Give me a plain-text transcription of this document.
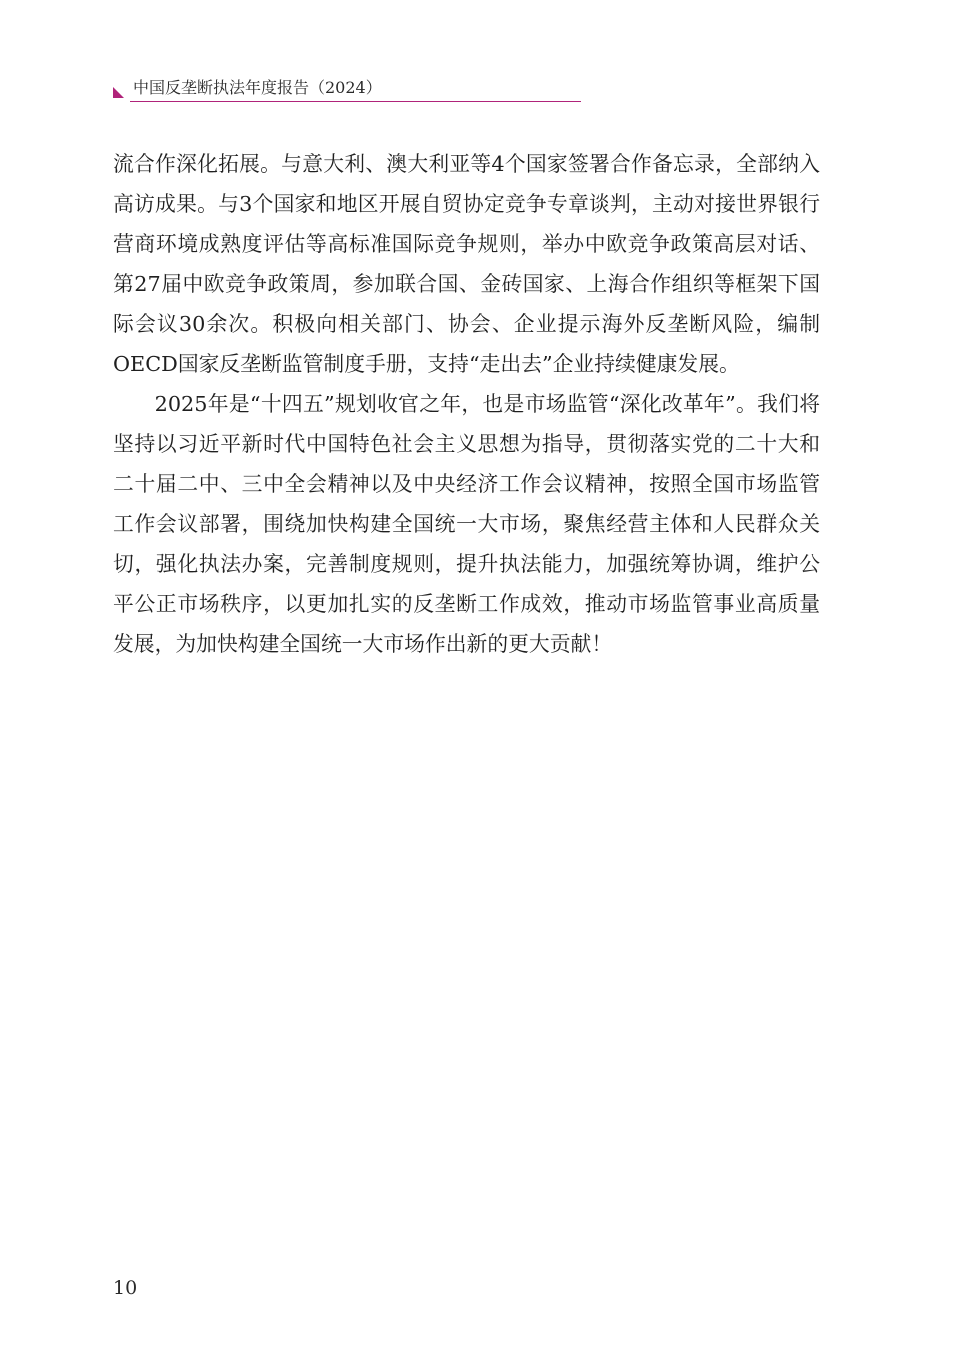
中国反垄断执法年度报告（2024）

流合作深化拓展。与意大利、澳大利亚等4个国家签署合作备忘录，全部纳入高访成果。与3个国家和地区开展自贸协定竞争专章谈判，主动对接世界银行营商环境成熟度评估等高标准国际竞争规则，举办中欧竞争政策高层对话、第27届中欧竞争政策周，参加联合国、金砖国家、上海合作组织等框架下国际会议30余次。积极向相关部门、协会、企业提示海外反垄断风险，编制OECD国家反垄断监管制度手册，支持“走出去”企业持续健康发展。

2025年是“十四五”规划收官之年，也是市场监管“深化改革年”。我们将坚持以习近平新时代中国特色社会主义思想为指导，贯彻落实党的二十大和二十届二中、三中全会精神以及中央经济工作会议精神，按照全国市场监管工作会议部署，围绕加快构建全国统一大市场，聚焦经营主体和人民群众关切，强化执法办案，完善制度规则，提升执法能力，加强统筹协调，维护公平公正市场秩序，以更加扎实的反垄断工作成效，推动市场监管事业高质量发展，为加快构建全国统一大市场作出新的更大贡献！

10
